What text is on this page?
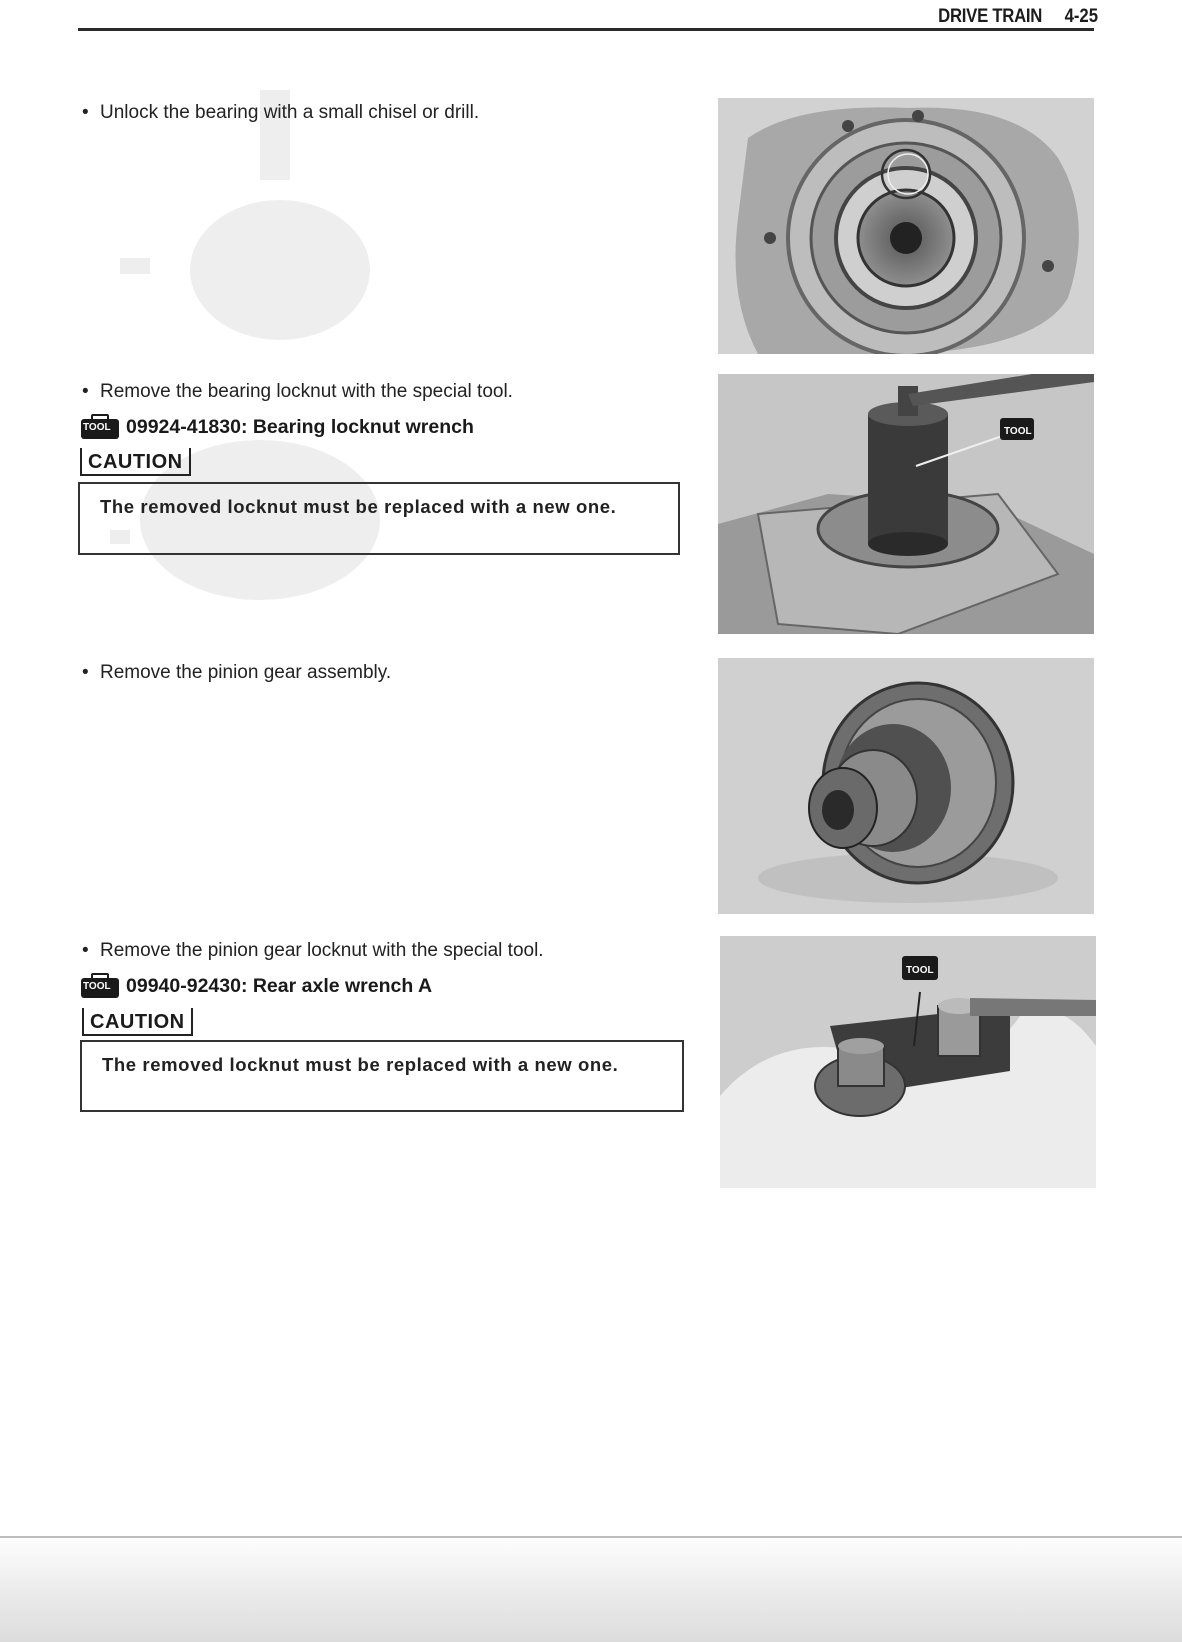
DRIVE TRAIN 4-25
• Unlock the bearing with a small chisel or drill.
• Remove the bearing locknut with the special tool.
TOOL 09924-41830: Bearing locknut wrench
CAUTION
The removed locknut must be replaced with a new one.
TOOL
• Remove the pinion gear assembly.
• Remove the pinion gear locknut with the special tool.
TOOL 09940-92430: Rear axle wrench A
CAUTION
The removed locknut must be replaced with a new one.
TOOL
